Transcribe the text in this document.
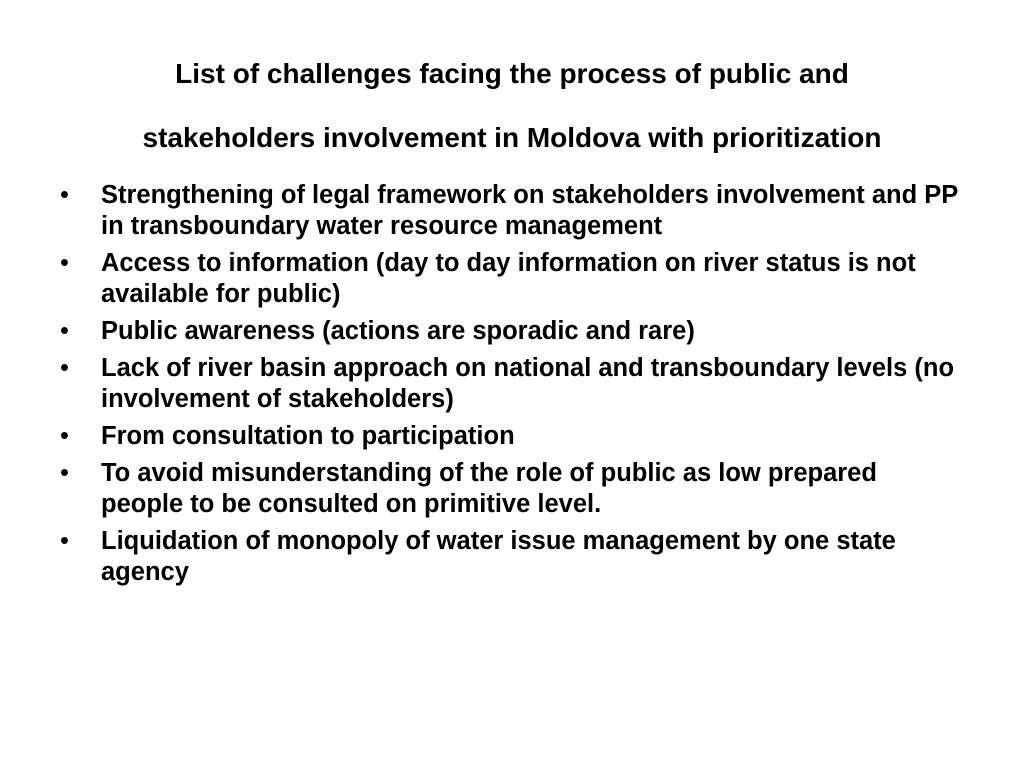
List of challenges facing the process of public and
stakeholders involvement in Moldova with prioritization
• Strengthening of legal framework on stakeholders involvement and PP in transboundary water resource management
• Access to information (day to day information on river status is not available for public)
• Public awareness (actions are sporadic and rare)
• Lack of river basin approach on national and transboundary levels (no involvement of stakeholders)
• From consultation to participation
• To avoid misunderstanding of the role of public as low prepared people to be consulted on primitive level.
• Liquidation of monopoly of water issue management by one state agency
